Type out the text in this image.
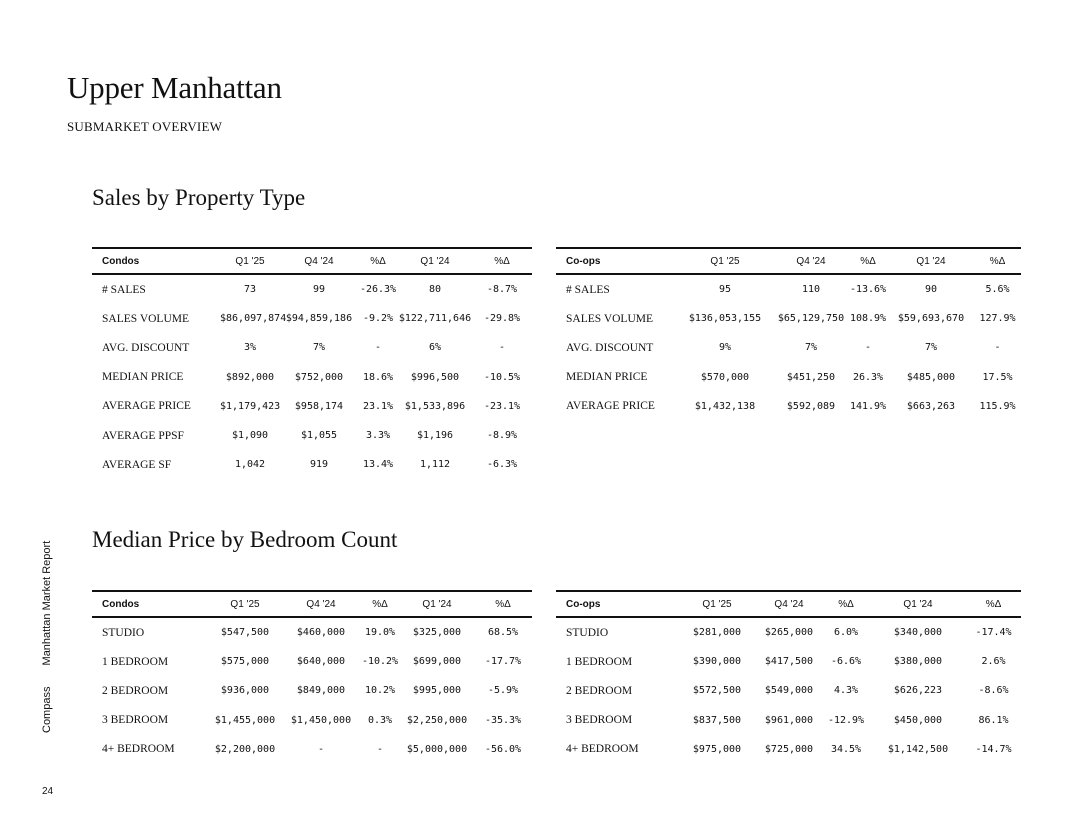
Upper Manhattan
SUBMARKET OVERVIEW
Sales by Property Type
Condos	Q1 '25	Q4 '24	%Δ	Q1 '24	%Δ
# SALES	73	99	-26.3%	80	-8.7%
SALES VOLUME	$86,097,874	$94,859,186	-9.2%	$122,711,646	-29.8%
AVG. DISCOUNT	3%	7%	-	6%	-
MEDIAN PRICE	$892,000	$752,000	18.6%	$996,500	-10.5%
AVERAGE PRICE	$1,179,423	$958,174	23.1%	$1,533,896	-23.1%
AVERAGE PPSF	$1,090	$1,055	3.3%	$1,196	-8.9%
AVERAGE SF	1,042	919	13.4%	1,112	-6.3%
Co-ops	Q1 '25	Q4 '24	%Δ	Q1 '24	%Δ
# SALES	95	110	-13.6%	90	5.6%
SALES VOLUME	$136,053,155	$65,129,750	108.9%	$59,693,670	127.9%
AVG. DISCOUNT	9%	7%	-	7%	-
MEDIAN PRICE	$570,000	$451,250	26.3%	$485,000	17.5%
AVERAGE PRICE	$1,432,138	$592,089	141.9%	$663,263	115.9%
Median Price by Bedroom Count
Condos	Q1 '25	Q4 '24	%Δ	Q1 '24	%Δ
STUDIO	$547,500	$460,000	19.0%	$325,000	68.5%
1 BEDROOM	$575,000	$640,000	-10.2%	$699,000	-17.7%
2 BEDROOM	$936,000	$849,000	10.2%	$995,000	-5.9%
3 BEDROOM	$1,455,000	$1,450,000	0.3%	$2,250,000	-35.3%
4+ BEDROOM	$2,200,000	-	-	$5,000,000	-56.0%
Co-ops	Q1 '25	Q4 '24	%Δ	Q1 '24	%Δ
STUDIO	$281,000	$265,000	6.0%	$340,000	-17.4%
1 BEDROOM	$390,000	$417,500	-6.6%	$380,000	2.6%
2 BEDROOM	$572,500	$549,000	4.3%	$626,223	-8.6%
3 BEDROOM	$837,500	$961,000	-12.9%	$450,000	86.1%
4+ BEDROOM	$975,000	$725,000	34.5%	$1,142,500	-14.7%
Compass Manhattan Market Report
24
